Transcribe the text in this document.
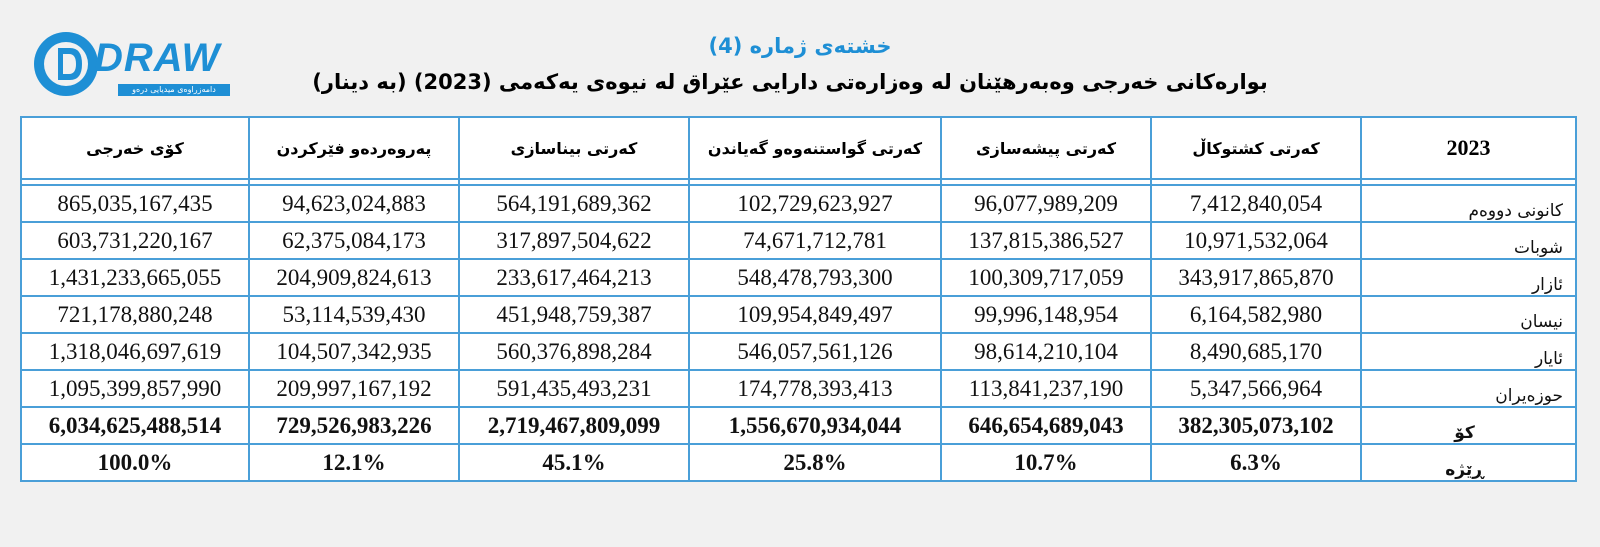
DRAW
دامەزراوەی میدیایی درەو
خشتەی ژمارە (4)
بوارەکانی خەرجی وەبەرهێنان لە وەزارەتی دارایی عێراق لە نیوەی یەکەمی (2023) (بە دینار)
کۆی خەرجی	پەروەردەو فێرکردن	کەرتی بیناسازی	کەرتی گواستنەوەو گەیاندن	کەرتی پیشەسازی	کەرتی کشتوکاڵ	2023

865,035,167,435	94,623,024,883	564,191,689,362	102,729,623,927	96,077,989,209	7,412,840,054	کانونی دووەم
603,731,220,167	62,375,084,173	317,897,504,622	74,671,712,781	137,815,386,527	10,971,532,064	شوبات
1,431,233,665,055	204,909,824,613	233,617,464,213	548,478,793,300	100,309,717,059	343,917,865,870	ئازار
721,178,880,248	53,114,539,430	451,948,759,387	109,954,849,497	99,996,148,954	6,164,582,980	نیسان
1,318,046,697,619	104,507,342,935	560,376,898,284	546,057,561,126	98,614,210,104	8,490,685,170	ئایار
1,095,399,857,990	209,997,167,192	591,435,493,231	174,778,393,413	113,841,237,190	5,347,566,964	حوزەیران
6,034,625,488,514	729,526,983,226	2,719,467,809,099	1,556,670,934,044	646,654,689,043	382,305,073,102	کۆ
100.0%	12.1%	45.1%	25.8%	10.7%	6.3%	ڕێژە
